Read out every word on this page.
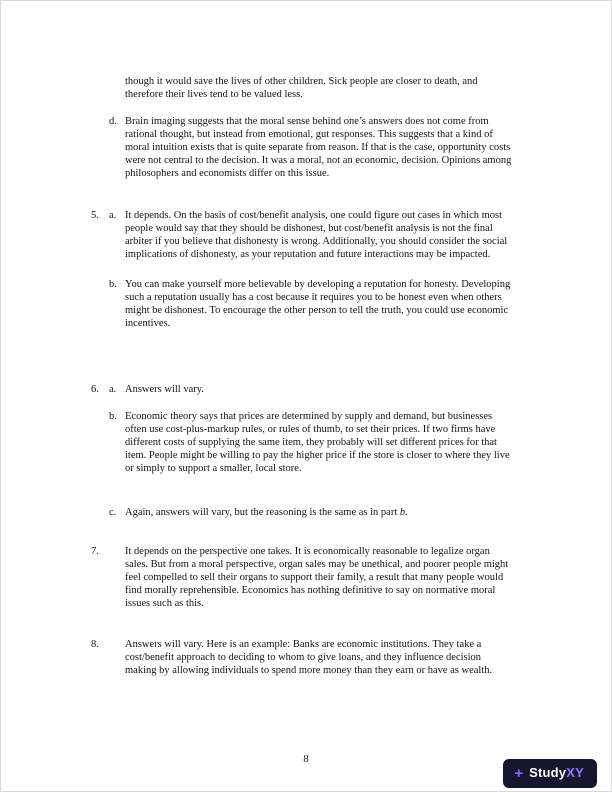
though it would save the lives of other children. Sick people are closer to death, and therefore their lives tend to be valued less.

d. Brain imaging suggests that the moral sense behind one’s answers does not come from rational thought, but instead from emotional, gut responses. This suggests that a kind of moral intuition exists that is quite separate from reason. If that is the case, opportunity costs were not central to the decision. It was a moral, not an economic, decision. Opinions among philosophers and economists differ on this issue.

5. a. It depends. On the basis of cost/benefit analysis, one could figure out cases in which most people would say that they should be dishonest, but cost/benefit analysis is not the final arbiter if you believe that dishonesty is wrong. Additionally, you should consider the social implications of dishonesty, as your reputation and future interactions may be impacted.

b. You can make yourself more believable by developing a reputation for honesty. Developing such a reputation usually has a cost because it requires you to be honest even when others might be dishonest. To encourage the other person to tell the truth, you could use economic incentives.

6. a. Answers will vary.

b. Economic theory says that prices are determined by supply and demand, but businesses often use cost-plus-markup rules, or rules of thumb, to set their prices. If two firms have different costs of supplying the same item, they probably will set different prices for that item. People might be willing to pay the higher price if the store is closer to where they live or simply to support a smaller, local store.

c. Again, answers will vary, but the reasoning is the same as in part b.

7.	It depends on the perspective one takes. It is economically reasonable to legalize organ sales. But from a moral perspective, organ sales may be unethical, and poorer people might feel compelled to sell their organs to support their family, a result that many people would find morally reprehensible. Economics has nothing definitive to say on normative moral issues such as this.

8.	Answers will vary. Here is an example: Banks are economic institutions. They take a cost/benefit approach to deciding to whom to give loans, and they influence decision making by allowing individuals to spend more money than they earn or have as wealth.

8
+ StudyXY
